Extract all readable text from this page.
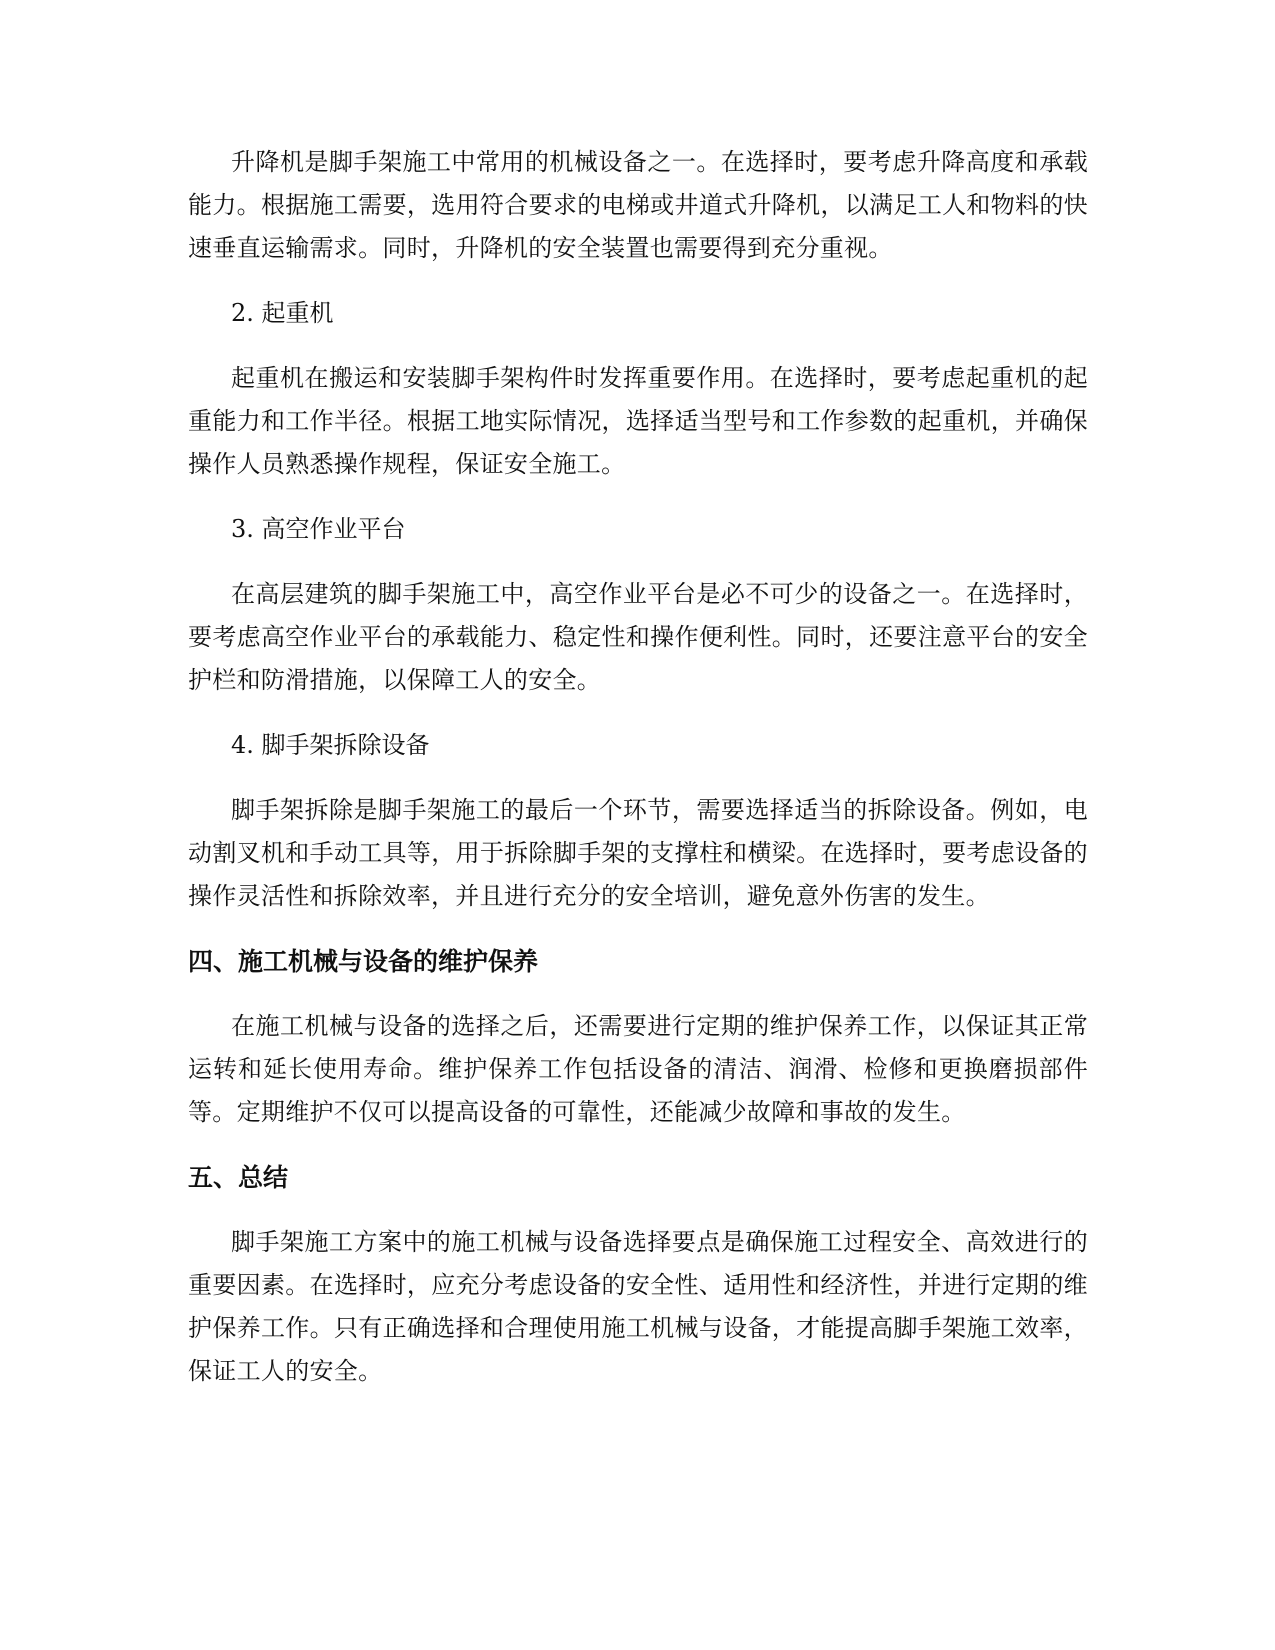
升降机是脚手架施工中常用的机械设备之一。在选择时，要考虑升降高度和承载能力。根据施工需要，选用符合要求的电梯或井道式升降机，以满足工人和物料的快速垂直运输需求。同时，升降机的安全装置也需要得到充分重视。

2. 起重机

起重机在搬运和安装脚手架构件时发挥重要作用。在选择时，要考虑起重机的起重能力和工作半径。根据工地实际情况，选择适当型号和工作参数的起重机，并确保操作人员熟悉操作规程，保证安全施工。

3. 高空作业平台

在高层建筑的脚手架施工中，高空作业平台是必不可少的设备之一。在选择时，要考虑高空作业平台的承载能力、稳定性和操作便利性。同时，还要注意平台的安全护栏和防滑措施，以保障工人的安全。

4. 脚手架拆除设备

脚手架拆除是脚手架施工的最后一个环节，需要选择适当的拆除设备。例如，电动割叉机和手动工具等，用于拆除脚手架的支撑柱和横梁。在选择时，要考虑设备的操作灵活性和拆除效率，并且进行充分的安全培训，避免意外伤害的发生。

四、施工机械与设备的维护保养

在施工机械与设备的选择之后，还需要进行定期的维护保养工作，以保证其正常运转和延长使用寿命。维护保养工作包括设备的清洁、润滑、检修和更换磨损部件等。定期维护不仅可以提高设备的可靠性，还能减少故障和事故的发生。

五、总结

脚手架施工方案中的施工机械与设备选择要点是确保施工过程安全、高效进行的重要因素。在选择时，应充分考虑设备的安全性、适用性和经济性，并进行定期的维护保养工作。只有正确选择和合理使用施工机械与设备，才能提高脚手架施工效率，保证工人的安全。
